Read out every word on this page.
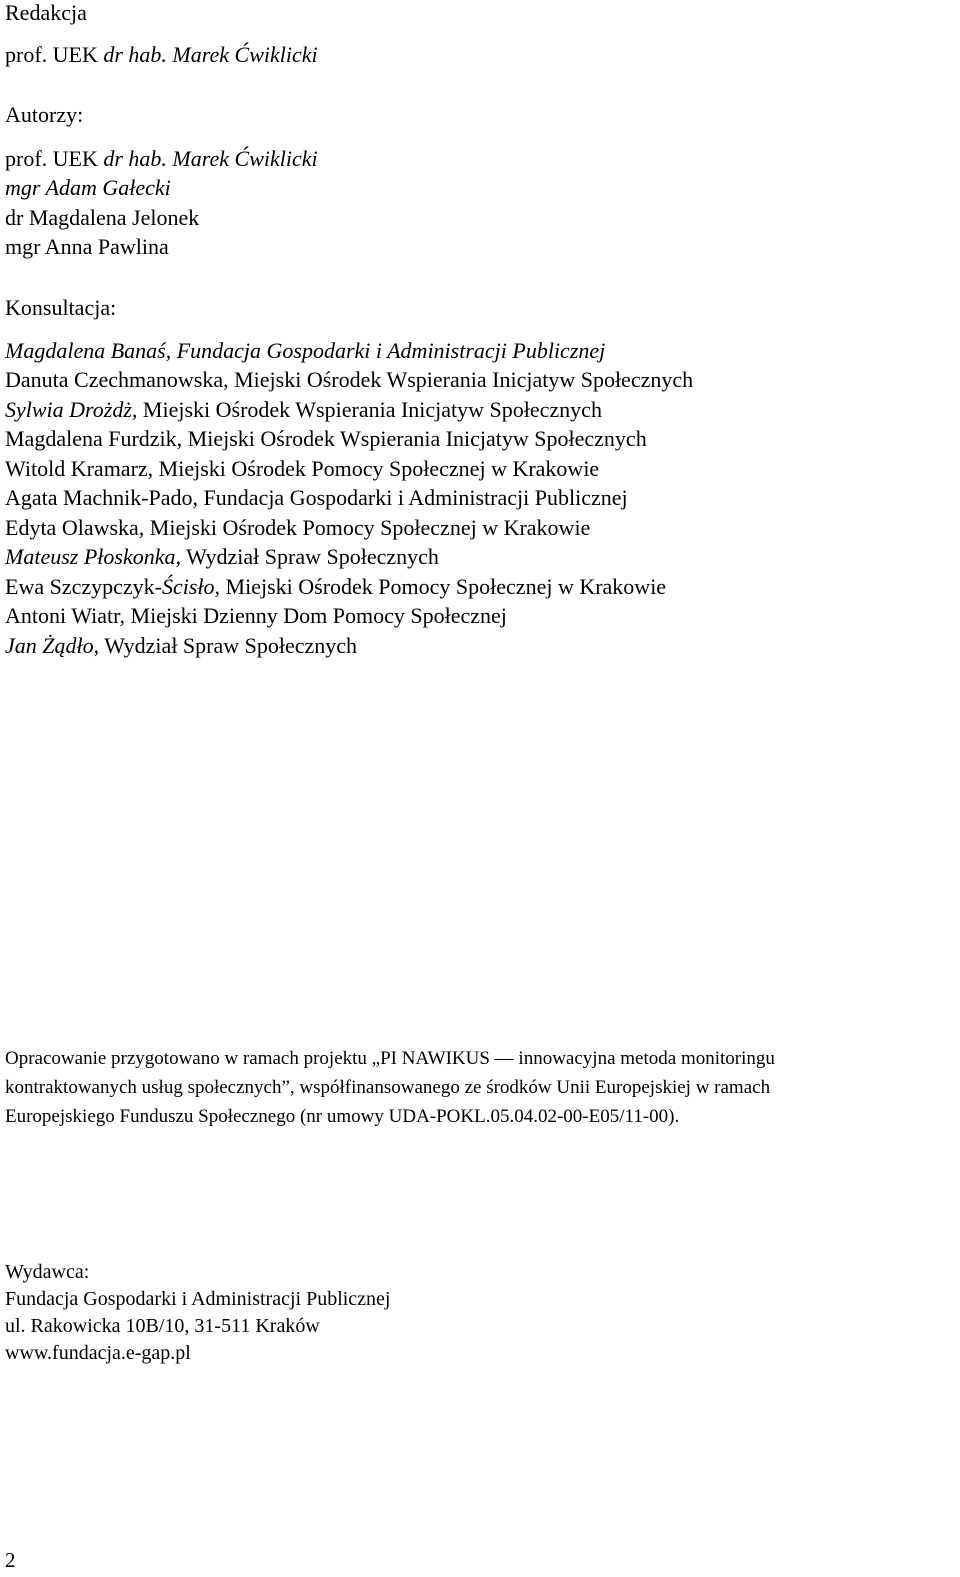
Redakcja
prof. UEK dr hab. Marek Ćwiklicki
Autorzy:
prof. UEK dr hab. Marek Ćwiklicki
mgr Adam Gałecki
dr Magdalena Jelonek
mgr Anna Pawlina
Konsultacja:
Magdalena Banaś, Fundacja Gospodarki i Administracji Publicznej
Danuta Czechmanowska, Miejski Ośrodek Wspierania Inicjatyw Społecznych
Sylwia Drożdż, Miejski Ośrodek Wspierania Inicjatyw Społecznych
Magdalena Furdzik, Miejski Ośrodek Wspierania Inicjatyw Społecznych
Witold Kramarz, Miejski Ośrodek Pomocy Społecznej w Krakowie
Agata Machnik-Pado, Fundacja Gospodarki i Administracji Publicznej
Edyta Olawska, Miejski Ośrodek Pomocy Społecznej w Krakowie
Mateusz Płoskonka, Wydział Spraw Społecznych
Ewa Szczypczyk-Ścisło, Miejski Ośrodek Pomocy Społecznej w Krakowie
Antoni Wiatr, Miejski Dzienny Dom Pomocy Społecznej
Jan Żądło, Wydział Spraw Społecznych
Opracowanie przygotowano w ramach projektu „PI NAWIKUS — innowacyjna metoda monitoringu
kontraktowanych usług społecznych”, współfinansowanego ze środków Unii Europejskiej w ramach
Europejskiego Funduszu Społecznego (nr umowy UDA-POKL.05.04.02-00-E05/11-00).
Wydawca:
Fundacja Gospodarki i Administracji Publicznej
ul. Rakowicka 10B/10, 31-511 Kraków
www.fundacja.e-gap.pl
2
